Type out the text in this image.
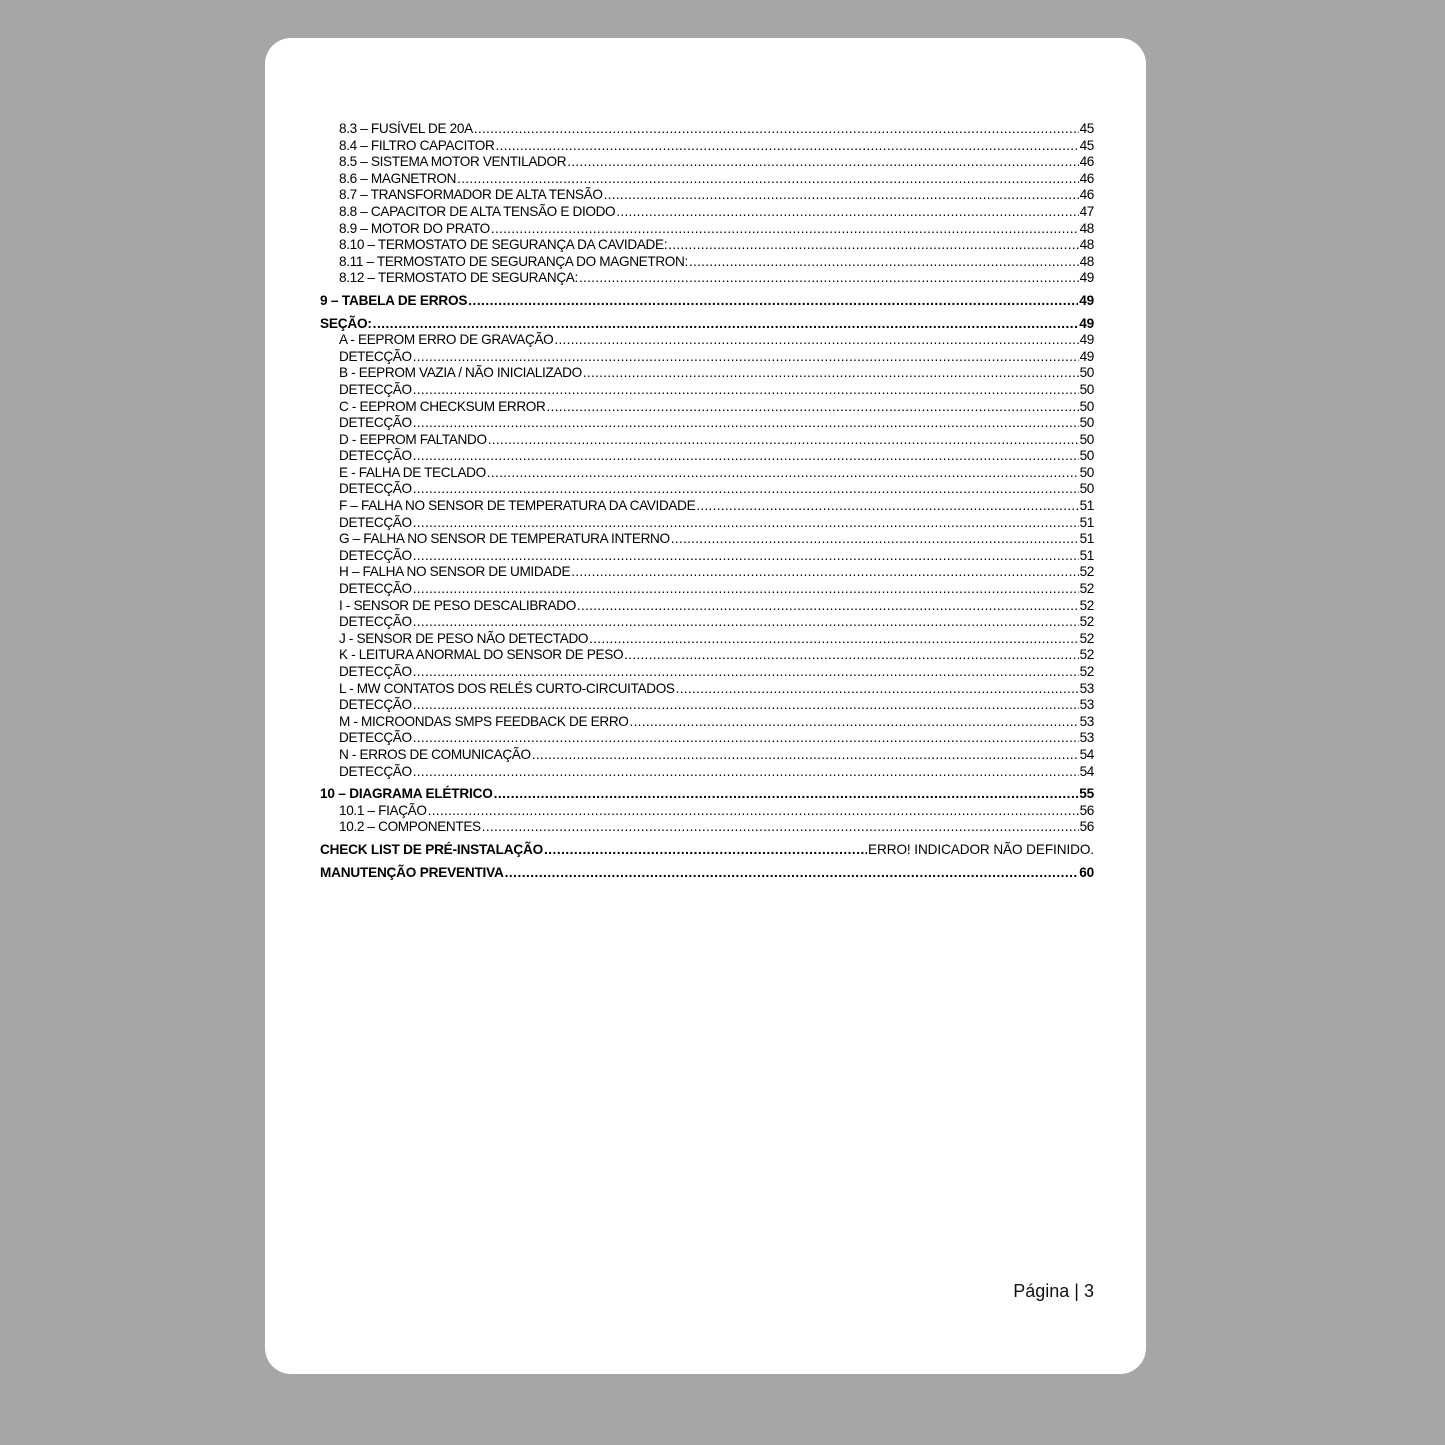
8.3 – FUSÍVEL DE 20A .....	45
8.4 – FILTRO CAPACITOR .....	45
8.5 – SISTEMA MOTOR VENTILADOR .....	46
8.6 – MAGNETRON .....	46
8.7 – TRANSFORMADOR DE ALTA TENSÃO .....	46
8.8 – CAPACITOR DE ALTA TENSÃO E DIODO .....	47
8.9 – MOTOR DO PRATO .....	48
8.10 – TERMOSTATO DE SEGURANÇA DA CAVIDADE: .....	48
8.11 – TERMOSTATO DE SEGURANÇA DO MAGNETRON: .....	48
8.12 – TERMOSTATO DE SEGURANÇA: .....	49
9 – TABELA DE ERROS .....	49
SEÇÃO: .....	49
A - EEPROM ERRO DE GRAVAÇÃO .....	49
DETECÇÃO .....	49
B - EEPROM VAZIA / NÃO INICIALIZADO .....	50
DETECÇÃO .....	50
C - EEPROM CHECKSUM ERROR .....	50
DETECÇÃO .....	50
D - EEPROM FALTANDO .....	50
DETECÇÃO .....	50
E - FALHA DE TECLADO .....	50
DETECÇÃO .....	50
F – FALHA NO SENSOR DE TEMPERATURA DA CAVIDADE .....	51
DETECÇÃO .....	51
G – FALHA NO SENSOR DE TEMPERATURA INTERNO .....	51
DETECÇÃO .....	51
H – FALHA NO SENSOR DE UMIDADE .....	52
DETECÇÃO .....	52
I - SENSOR DE PESO DESCALIBRADO .....	52
DETECÇÃO .....	52
J - SENSOR DE PESO NÃO DETECTADO .....	52
K - LEITURA ANORMAL DO SENSOR DE PESO .....	52
DETECÇÃO .....	52
L - MW CONTATOS DOS RELÉS CURTO-CIRCUITADOS .....	53
DETECÇÃO .....	53
M - MICROONDAS SMPS FEEDBACK DE ERRO .....	53
DETECÇÃO .....	53
N - ERROS DE COMUNICAÇÃO .....	54
DETECÇÃO .....	54
10 – DIAGRAMA ELÉTRICO .....	55
10.1 – FIAÇÃO .....	56
10.2 – COMPONENTES .....	56
CHECK LIST DE PRÉ-INSTALAÇÃO .....	ERRO! INDICADOR NÃO DEFINIDO.
MANUTENÇÃO PREVENTIVA .....	60
Página | 3
